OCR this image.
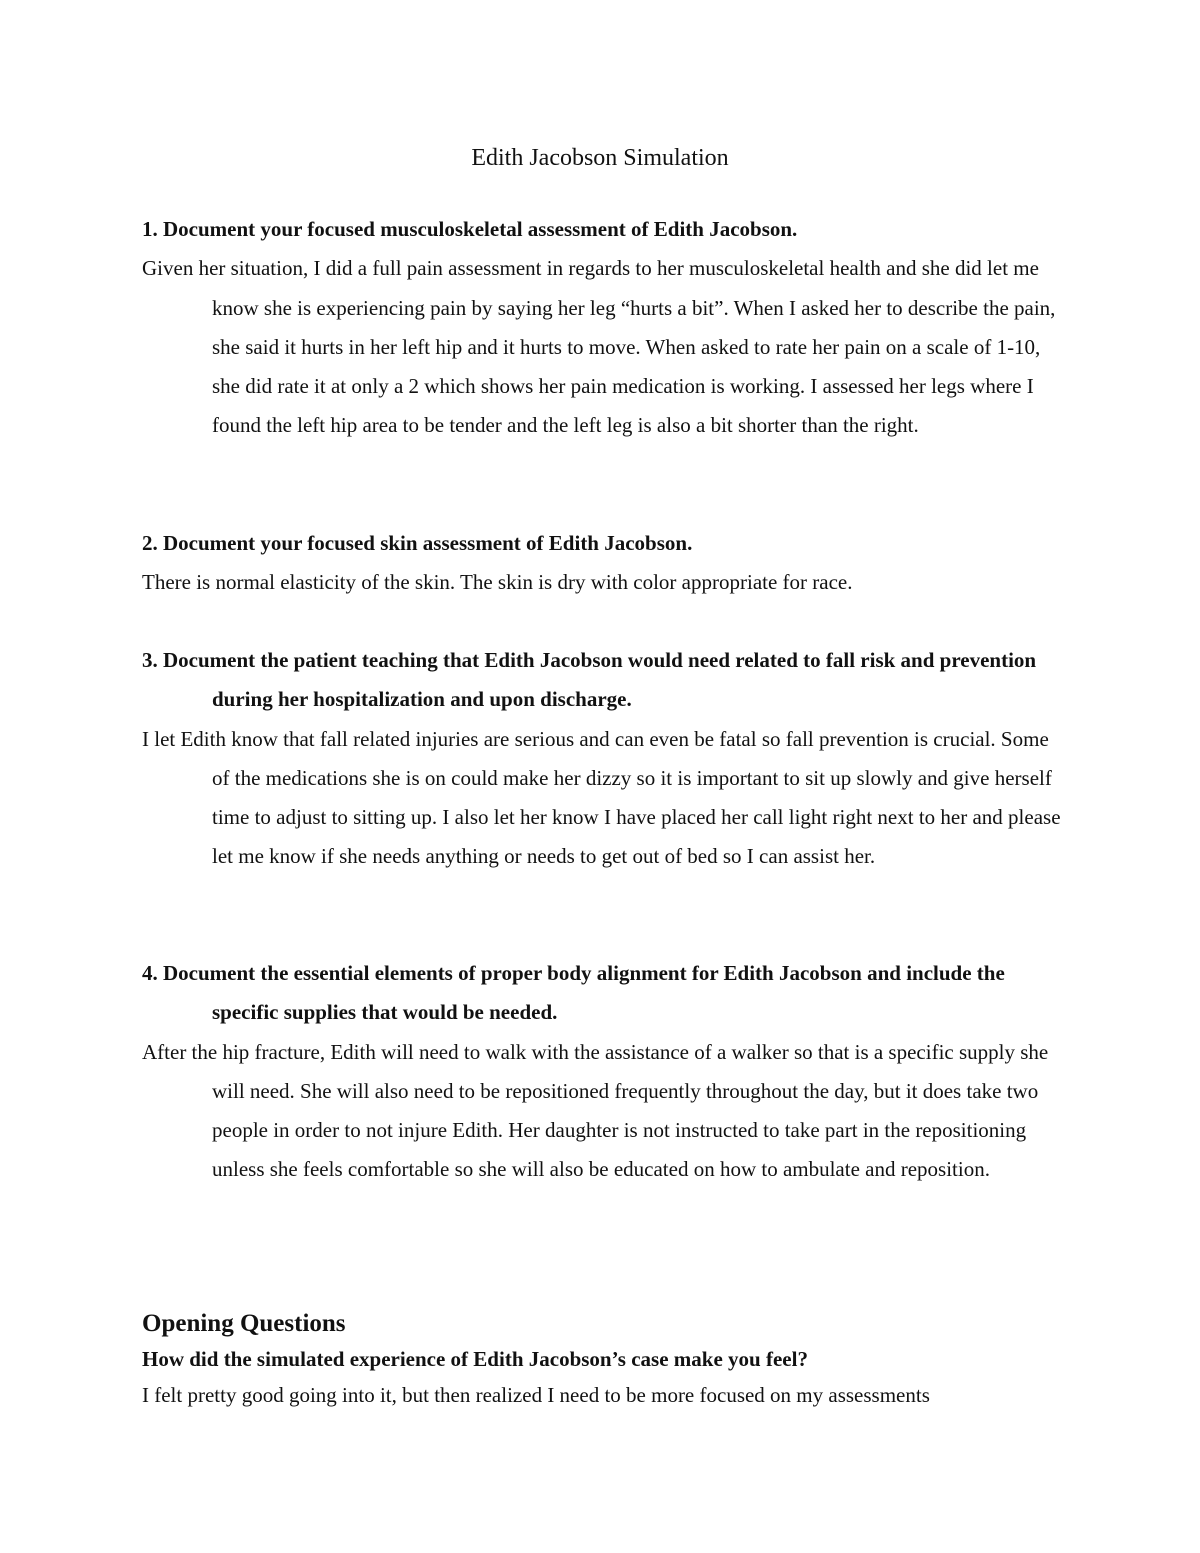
Edith Jacobson Simulation

1. Document your focused musculoskeletal assessment of Edith Jacobson.

Given her situation, I did a full pain assessment in regards to her musculoskeletal health and she did let me know she is experiencing pain by saying her leg “hurts a bit”. When I asked her to describe the pain, she said it hurts in her left hip and it hurts to move. When asked to rate her pain on a scale of 1-10, she did rate it at only a 2 which shows her pain medication is working. I assessed her legs where I found the left hip area to be tender and the left leg is also a bit shorter than the right.

2. Document your focused skin assessment of Edith Jacobson.

There is normal elasticity of the skin. The skin is dry with color appropriate for race.

3. Document the patient teaching that Edith Jacobson would need related to fall risk and prevention during her hospitalization and upon discharge.

I let Edith know that fall related injuries are serious and can even be fatal so fall prevention is crucial. Some of the medications she is on could make her dizzy so it is important to sit up slowly and give herself time to adjust to sitting up. I also let her know I have placed her call light right next to her and please let me know if she needs anything or needs to get out of bed so I can assist her.

4. Document the essential elements of proper body alignment for Edith Jacobson and include the specific supplies that would be needed.

After the hip fracture, Edith will need to walk with the assistance of a walker so that is a specific supply she will need. She will also need to be repositioned frequently throughout the day, but it does take two people in order to not injure Edith. Her daughter is not instructed to take part in the repositioning unless she feels comfortable so she will also be educated on how to ambulate and reposition.

Opening Questions

How did the simulated experience of Edith Jacobson’s case make you feel?

I felt pretty good going into it, but then realized I need to be more focused on my assessments
